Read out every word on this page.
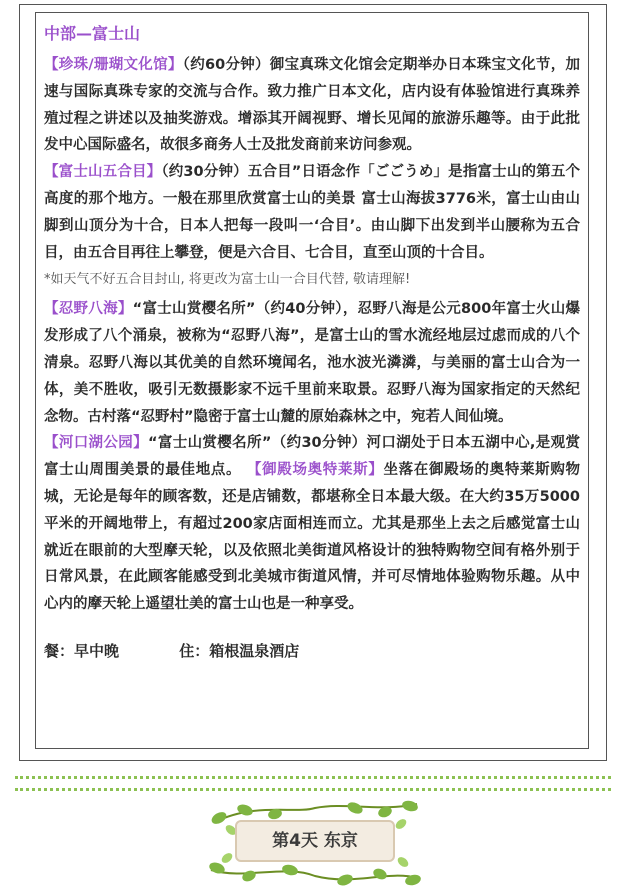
中部—富士山

【珍珠/珊瑚文化馆】（约60分钟）御宝真珠文化馆会定期举办日本珠宝文化节，加速与国际真珠专家的交流与合作。致力推广日本文化，店内设有体验馆进行真珠养殖过程之讲述以及抽奖游戏。增添其开阔视野、增长见闻的旅游乐趣等。由于此批发中心国际盛名，故很多商务人士及批发商前来访问参观。

【富士山五合目】（约30分钟）五合目”日语念作「ごごうめ」是指富士山的第五个高度的那个地方。一般在那里欣赏富士山的美景 富士山海拔3776米，富士山由山脚到山顶分为十合，日本人把每一段叫一‘合目’。由山脚下出发到半山腰称为五合目，由五合目再往上攀登，便是六合目、七合目，直至山顶的十合目。

*如天气不好五合目封山, 将更改为富士山一合目代替, 敬请理解!

【忍野八海】“富士山赏樱名所”（约40分钟），忍野八海是公元800年富士火山爆发形成了八个涌泉，被称为“忍野八海”，是富士山的雪水流经地层过虑而成的八个清泉。忍野八海以其优美的自然环境闻名，池水波光潾潾，与美丽的富士山合为一体，美不胜收，吸引无数摄影家不远千里前来取景。忍野八海为国家指定的天然纪念物。古村落“忍野村”隐密于富士山麓的原始森林之中，宛若人间仙境。

【河口湖公园】“富士山赏樱名所”（约30分钟）河口湖处于日本五湖中心,是观赏富士山周围美景的最佳地点。 【御殿场奥特莱斯】坐落在御殿场的奥特莱斯购物城，无论是每年的顾客数，还是店铺数，都堪称全日本最大级。在大约35万5000平米的开阔地带上，有超过200家店面相连而立。尤其是那坐上去之后感觉富士山就近在眼前的大型摩天轮，以及依照北美街道风格设计的独特购物空间有格外别于日常风景，在此顾客能感受到北美城市街道风情，并可尽情地体验购物乐趣。从中心内的摩天轮上遥望壮美的富士山也是一种享受。

餐：早中晚	住：箱根温泉酒店
第4天 东京
